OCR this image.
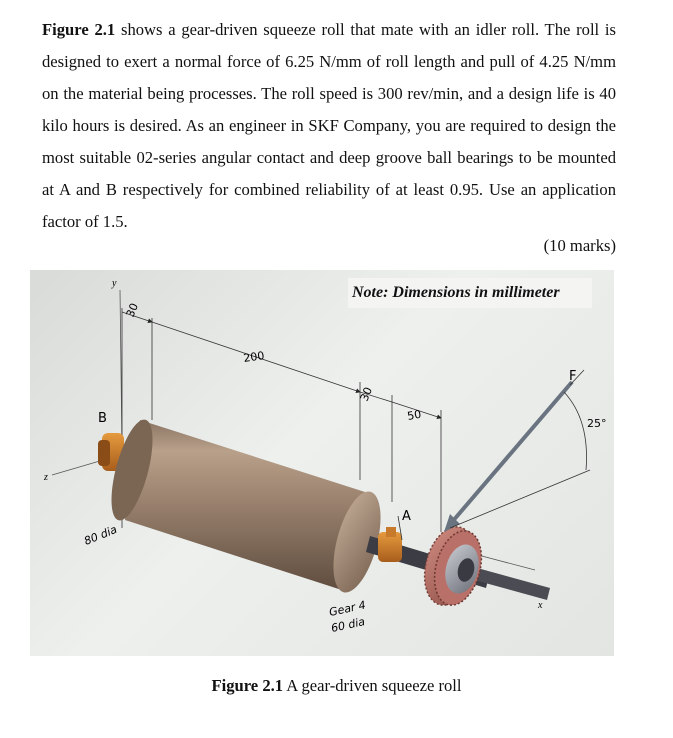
Figure 2.1 shows a gear-driven squeeze roll that mate with an idler roll. The roll is designed to exert a normal force of 6.25 N/mm of roll length and pull of 4.25 N/mm on the material being processes. The roll speed is 300 rev/min, and a design life is 40 kilo hours is desired. As an engineer in SKF Company, you are required to design the most suitable 02-series angular contact and deep groove ball bearings to be mounted at A and B respectively for combined reliability of at least 0.95. Use an application factor of 1.5.
(10 marks)
Note: Dimensions in millimeter
y
z
x
30
200
30
50
B
80 dia
A
Gear 4
60 dia
F
25°
Figure 2.1 A gear-driven squeeze roll
